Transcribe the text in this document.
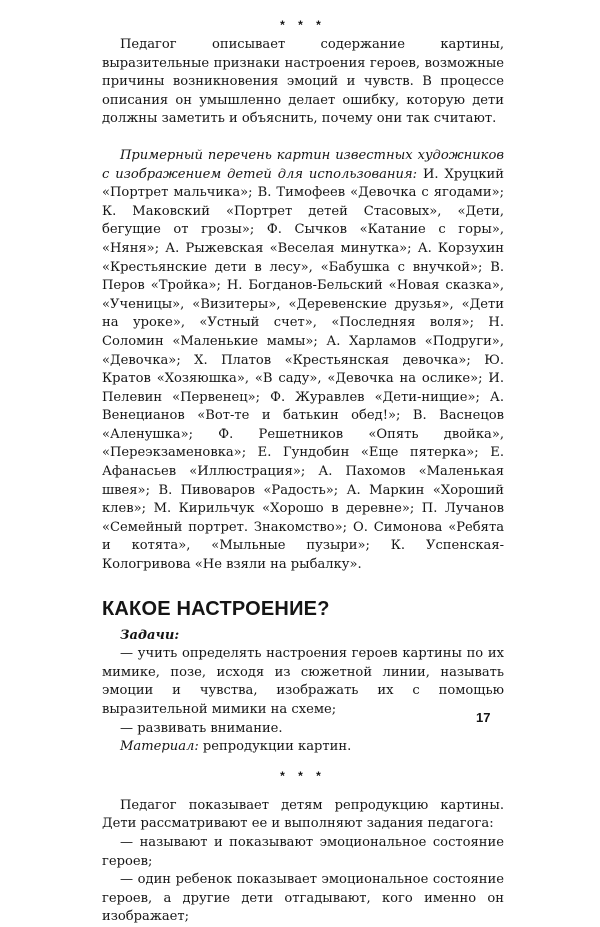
* * *

Педагог описывает содержание картины, выразительные признаки настроения героев, возможные причины возникновения эмоций и чувств. В процессе описания он умышленно делает ошибку, которую дети должны заметить и объяснить, почему они так считают.

Примерный перечень картин известных художников с изображением детей для использования: И. Хруцкий «Портрет мальчика»; В. Тимофеев «Девочка с ягодами»; К. Маковский «Портрет детей Стасовых», «Дети, бегущие от грозы»; Ф. Сычков «Катание с горы», «Няня»; А. Рыжевская «Веселая минутка»; А. Корзухин «Крестьянские дети в лесу», «Бабушка с внучкой»; В. Перов «Тройка»; Н. Богданов-Бельский «Новая сказка», «Ученицы», «Визитеры», «Деревенские друзья», «Дети на уроке», «Устный счет», «Последняя воля»; Н. Соломин «Маленькие мамы»; А. Харламов «Подруги», «Девочка»; Х. Платов «Крестьянская девочка»; Ю. Кратов «Хозяюшка», «В саду», «Девочка на ослике»; И. Пелевин «Первенец»; Ф. Журавлев «Дети-нищие»; А. Венецианов «Вот-те и батькин обед!»; В. Васнецов «Аленушка»; Ф. Решетников «Опять двойка», «Переэкзаменовка»; Е. Гундобин «Еще пятерка»; Е. Афанасьев «Иллюстрация»; А. Пахомов «Маленькая швея»; В. Пивоваров «Радость»; А. Маркин «Хороший клев»; М. Кирильчук «Хорошо в деревне»; П. Лучанов «Семейный портрет. Знакомство»; О. Симонова «Ребята и котята», «Мыльные пузыри»; К. Успенская-Кологривова «Не взяли на рыбалку».

КАКОЕ НАСТРОЕНИЕ?

Задачи:

— учить определять настроения героев картины по их мимике, позе, исходя из сюжетной линии, называть эмоции и чувства, изображать их с помощью выразительной мимики на схеме;

— развивать внимание.

Материал: репродукции картин.

* * *

Педагог показывает детям репродукцию картины. Дети рассматривают ее и выполняют задания педагога:

— называют и показывают эмоциональное состояние героев;

— один ребенок показывает эмоциональное состояние героев, а другие дети отгадывают, кого именно он изображает;

17
